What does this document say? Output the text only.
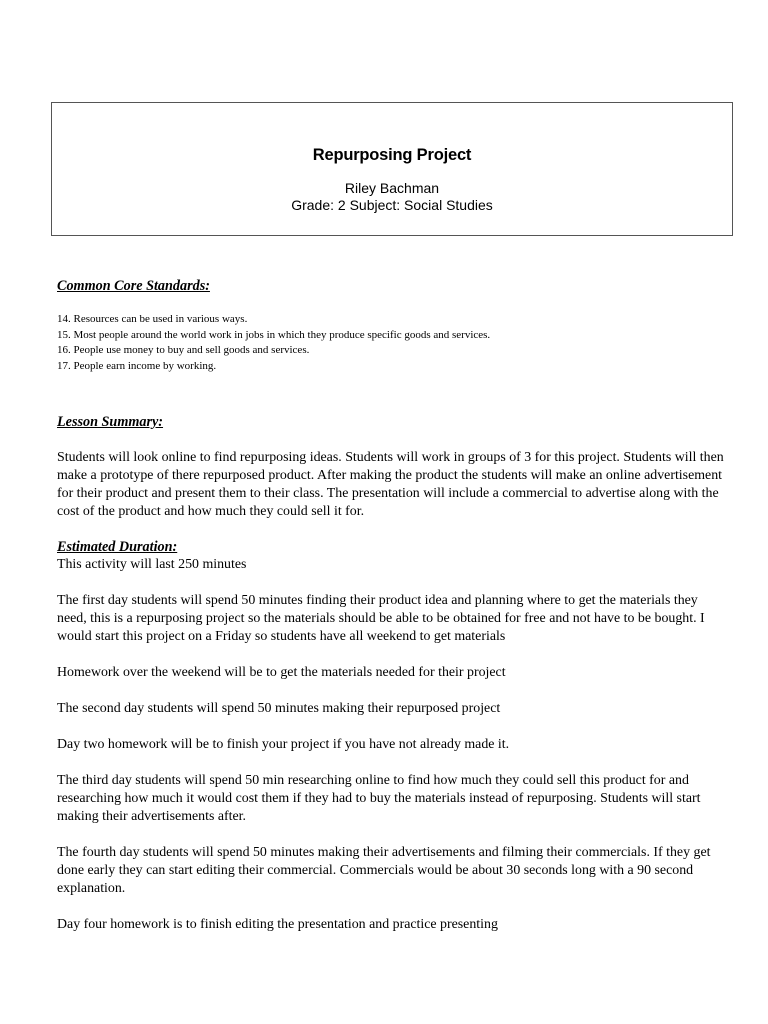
Repurposing Project
Riley Bachman
Grade: 2 Subject: Social Studies
Common Core Standards:
14. Resources can be used in various ways.
15. Most people around the world work in jobs in which they produce specific goods and services.
16. People use money to buy and sell goods and services.
17. People earn income by working.
Lesson Summary:

Students will look online to find repurposing ideas. Students will work in groups of 3 for this project. Students will then make a prototype of there repurposed product. After making the product the students will make an online advertisement for their product and present them to their class. The presentation will include a commercial to advertise along with the cost of the product and how much they could sell it for.

Estimated Duration:

This activity will last 250 minutes

The first day students will spend 50 minutes finding their product idea and planning where to get the materials they need, this is a repurposing project so the materials should be able to be obtained for free and not have to be bought. I would start this project on a Friday so students have all weekend to get materials

Homework over the weekend will be to get the materials needed for their project

The second day students will spend 50 minutes making their repurposed project

Day two homework will be to finish your project if you have not already made it.

The third day students will spend 50 min researching online to find how much they could sell this product for and researching how much it would cost them if they had to buy the materials instead of repurposing. Students will start making their advertisements after.

The fourth day students will spend 50 minutes making their advertisements and filming their commercials. If they get done early they can start editing their commercial. Commercials would be about 30 seconds long with a 90 second explanation.

Day four homework is to finish editing the presentation and practice presenting
